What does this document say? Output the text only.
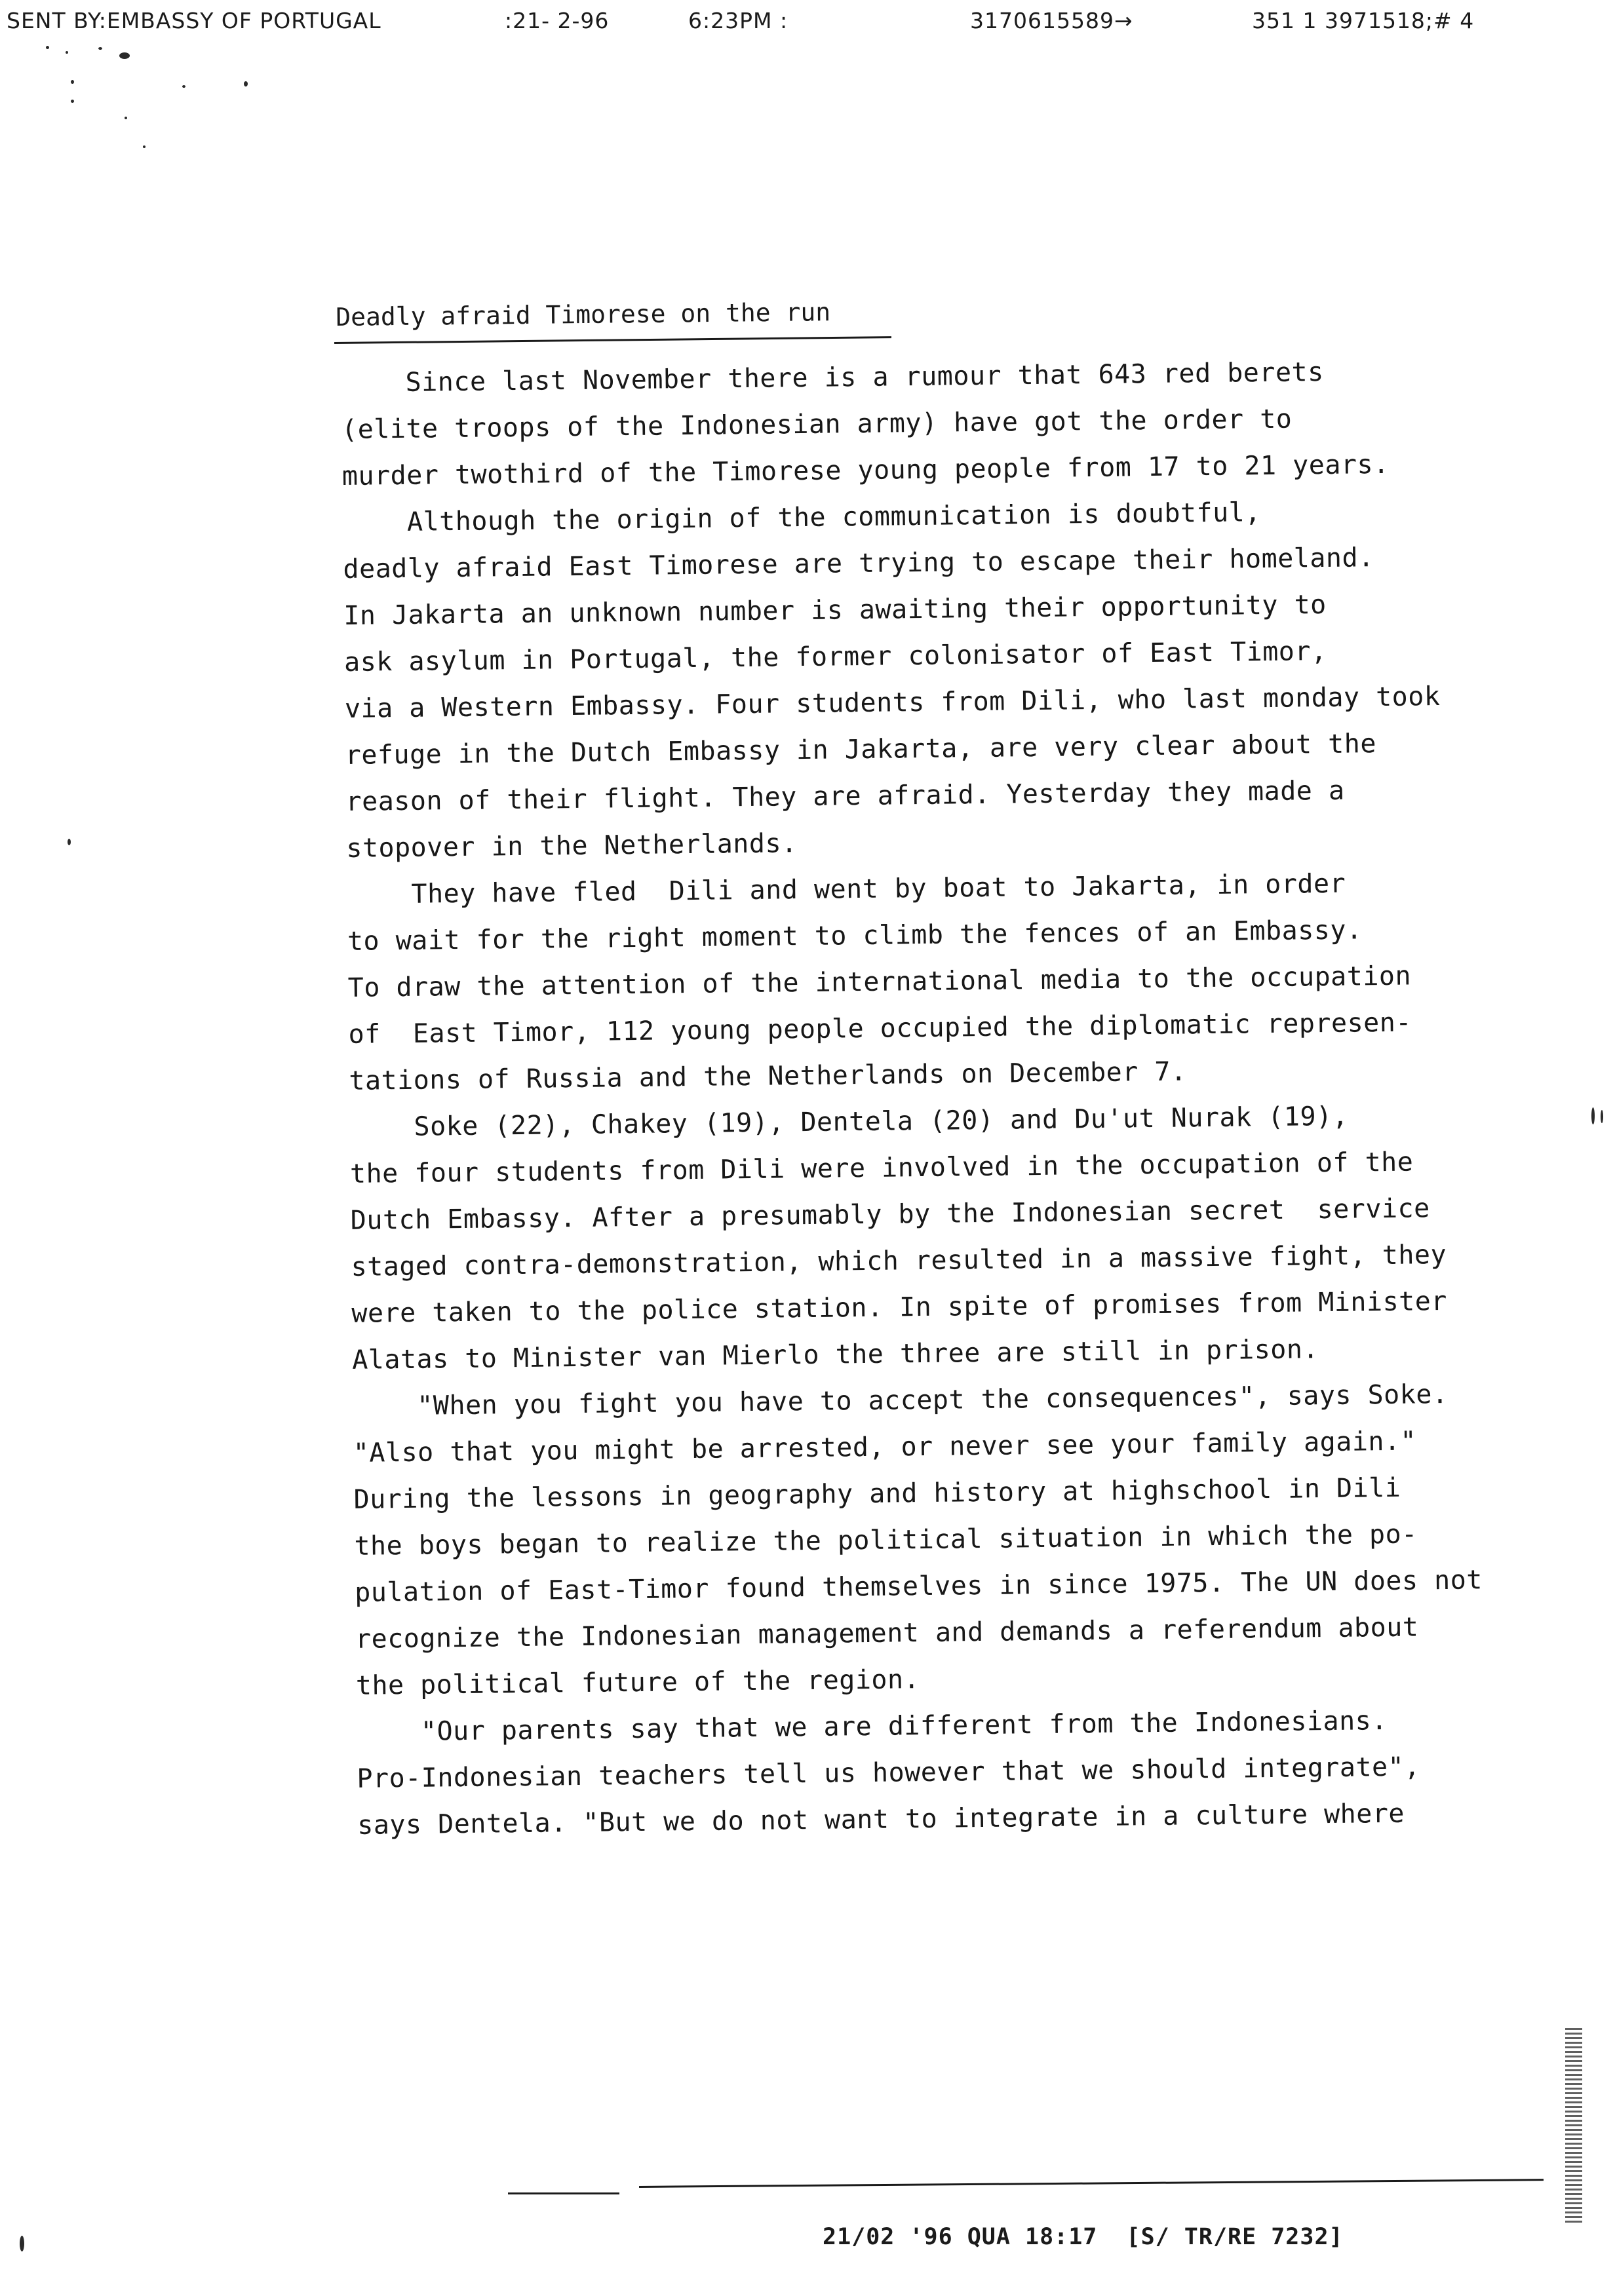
SENT BY:EMBASSY OF PORTUGAL	:21- 2-96	6:23PM :	3170615589→	351 1 3971518;# 4
Deadly afraid Timorese on the run
Since last November there is a rumour that 643 red berets
(elite troops of the Indonesian army) have got the order to
murder twothird of the Timorese young people from 17 to 21 years.
Although the origin of the communication is doubtful,
deadly afraid East Timorese are trying to escape their homeland.
In Jakarta an unknown number is awaiting their opportunity to
ask asylum in Portugal, the former colonisator of East Timor,
via a Western Embassy. Four students from Dili, who last monday took
refuge in the Dutch Embassy in Jakarta, are very clear about the
reason of their flight. They are afraid. Yesterday they made a
stopover in the Netherlands.
They have fled  Dili and went by boat to Jakarta, in order
to wait for the right moment to climb the fences of an Embassy.
To draw the attention of the international media to the occupation
of  East Timor, 112 young people occupied the diplomatic represen-
tations of Russia and the Netherlands on December 7.
Soke (22), Chakey (19), Dentela (20) and Du'ut Nurak (19),
the four students from Dili were involved in the occupation of the
Dutch Embassy. After a presumably by the Indonesian secret  service
staged contra-demonstration, which resulted in a massive fight, they
were taken to the police station. In spite of promises from Minister
Alatas to Minister van Mierlo the three are still in prison.
"When you fight you have to accept the consequences", says Soke.
"Also that you might be arrested, or never see your family again."
During the lessons in geography and history at highschool in Dili
the boys began to realize the political situation in which the po-
pulation of East-Timor found themselves in since 1975. The UN does not
recognize the Indonesian management and demands a referendum about
the political future of the region.
"Our parents say that we are different from the Indonesians.
Pro-Indonesian teachers tell us however that we should integrate",
says Dentela. "But we do not want to integrate in a culture where
21/02 '96 QUA 18:17  [S/ TR/RE 7232]
